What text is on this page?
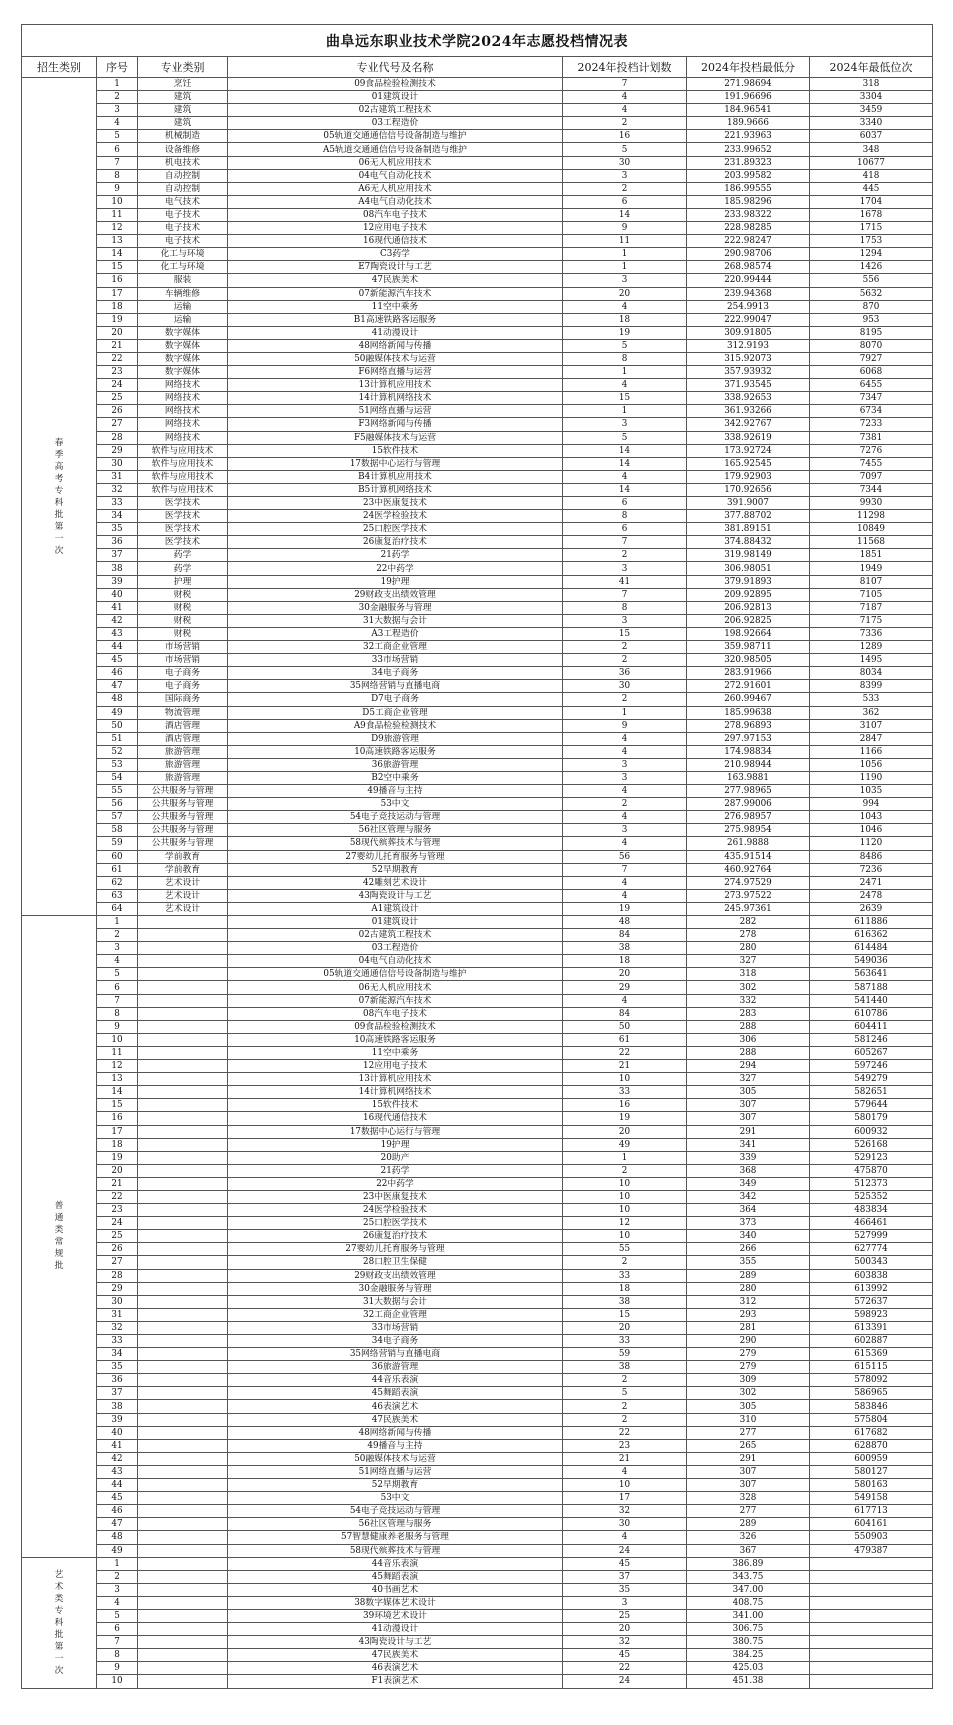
曲阜远东职业技术学院2024年志愿投档情况表						
招生类别	序号	专业类别	专业代号及名称	2024年投档计划数	2024年投档最低分	2024年最低位次
春季高考专科批第一次	1	烹饪	09食品检验检测技术	7	271.98694	318
	2	建筑	01建筑设计	4	191.96696	3304
	3	建筑	02古建筑工程技术	4	184.96541	3459
	4	建筑	03工程造价	2	189.9666	3340
	5	机械制造	05轨道交通通信信号设备制造与维护	16	221.93963	6037
	6	设备维修	A5轨道交通通信信号设备制造与维护	5	233.99652	348
	7	机电技术	06无人机应用技术	30	231.89323	10677
	8	自动控制	04电气自动化技术	3	203.99582	418
	9	自动控制	A6无人机应用技术	2	186.99555	445
	10	电气技术	A4电气自动化技术	6	185.98296	1704
	11	电子技术	08汽车电子技术	14	233.98322	1678
	12	电子技术	12应用电子技术	9	228.98285	1715
	13	电子技术	16现代通信技术	11	222.98247	1753
	14	化工与环境	C3药学	1	290.98706	1294
	15	化工与环境	E7陶瓷设计与工艺	1	268.98574	1426
	16	服装	47民族美术	3	220.99444	556
	17	车辆维修	07新能源汽车技术	20	239.94368	5632
	18	运输	11空中乘务	4	254.9913	870
	19	运输	B1高速铁路客运服务	18	222.99047	953
	20	数字媒体	41动漫设计	19	309.91805	8195
	21	数字媒体	48网络新闻与传播	5	312.9193	8070
	22	数字媒体	50融媒体技术与运营	8	315.92073	7927
	23	数字媒体	F6网络直播与运营	1	357.93932	6068
	24	网络技术	13计算机应用技术	4	371.93545	6455
	25	网络技术	14计算机网络技术	15	338.92653	7347
	26	网络技术	51网络直播与运营	1	361.93266	6734
	27	网络技术	F3网络新闻与传播	3	342.92767	7233
	28	网络技术	F5融媒体技术与运营	5	338.92619	7381
	29	软件与应用技术	15软件技术	14	173.92724	7276
	30	软件与应用技术	17数据中心运行与管理	14	165.92545	7455
	31	软件与应用技术	B4计算机应用技术	4	179.92903	7097
	32	软件与应用技术	B5计算机网络技术	14	170.92656	7344
	33	医学技术	23中医康复技术	6	391.9007	9930
	34	医学技术	24医学检验技术	8	377.88702	11298
	35	医学技术	25口腔医学技术	6	381.89151	10849
	36	医学技术	26康复治疗技术	7	374.88432	11568
	37	药学	21药学	2	319.98149	1851
	38	药学	22中药学	3	306.98051	1949
	39	护理	19护理	41	379.91893	8107
	40	财税	29财政支出绩效管理	7	209.92895	7105
	41	财税	30金融服务与管理	8	206.92813	7187
	42	财税	31大数据与会计	3	206.92825	7175
	43	财税	A3工程造价	15	198.92664	7336
	44	市场营销	32工商企业管理	2	359.98711	1289
	45	市场营销	33市场营销	2	320.98505	1495
	46	电子商务	34电子商务	36	283.91966	8034
	47	电子商务	35网络营销与直播电商	30	272.91601	8399
	48	国际商务	D7电子商务	2	260.99467	533
	49	物流管理	D5工商企业管理	1	185.99638	362
	50	酒店管理	A9食品检验检测技术	9	278.96893	3107
	51	酒店管理	D9旅游管理	4	297.97153	2847
	52	旅游管理	10高速铁路客运服务	4	174.98834	1166
	53	旅游管理	36旅游管理	3	210.98944	1056
	54	旅游管理	B2空中乘务	3	163.9881	1190
	55	公共服务与管理	49播音与主持	4	277.98965	1035
	56	公共服务与管理	53中文	2	287.99006	994
	57	公共服务与管理	54电子竞技运动与管理	4	276.98957	1043
	58	公共服务与管理	56社区管理与服务	3	275.98954	1046
	59	公共服务与管理	58现代殡葬技术与管理	4	261.9888	1120
	60	学前教育	27婴幼儿托育服务与管理	56	435.91514	8486
	61	学前教育	52早期教育	7	460.92764	7236
	62	艺术设计	42雕刻艺术设计	4	274.97529	2471
	63	艺术设计	43陶瓷设计与工艺	4	273.97522	2478
	64	艺术设计	A1建筑设计	19	245.97361	2639
普通类常规批	1		01建筑设计	48	282	611886
	2		02古建筑工程技术	84	278	616362
	3		03工程造价	38	280	614484
	4		04电气自动化技术	18	327	549036
	5		05轨道交通通信信号设备制造与维护	20	318	563641
	6		06无人机应用技术	29	302	587188
	7		07新能源汽车技术	4	332	541440
	8		08汽车电子技术	84	283	610786
	9		09食品检验检测技术	50	288	604411
	10		10高速铁路客运服务	61	306	581246
	11		11空中乘务	22	288	605267
	12		12应用电子技术	21	294	597246
	13		13计算机应用技术	10	327	549279
	14		14计算机网络技术	33	305	582651
	15		15软件技术	16	307	579644
	16		16现代通信技术	19	307	580179
	17		17数据中心运行与管理	20	291	600932
	18		19护理	49	341	526168
	19		20助产	1	339	529123
	20		21药学	2	368	475870
	21		22中药学	10	349	512373
	22		23中医康复技术	10	342	525352
	23		24医学检验技术	10	364	483834
	24		25口腔医学技术	12	373	466461
	25		26康复治疗技术	10	340	527999
	26		27婴幼儿托育服务与管理	55	266	627774
	27		28口腔卫生保健	2	355	500343
	28		29财政支出绩效管理	33	289	603838
	29		30金融服务与管理	18	280	613992
	30		31大数据与会计	38	312	572637
	31		32工商企业管理	15	293	598923
	32		33市场营销	20	281	613391
	33		34电子商务	33	290	602887
	34		35网络营销与直播电商	59	279	615369
	35		36旅游管理	38	279	615115
	36		44音乐表演	2	309	578092
	37		45舞蹈表演	5	302	586965
	38		46表演艺术	2	305	583846
	39		47民族美术	2	310	575804
	40		48网络新闻与传播	22	277	617682
	41		49播音与主持	23	265	628870
	42		50融媒体技术与运营	21	291	600959
	43		51网络直播与运营	4	307	580127
	44		52早期教育	10	307	580163
	45		53中文	17	328	549158
	46		54电子竞技运动与管理	32	277	617713
	47		56社区管理与服务	30	289	604161
	48		57智慧健康养老服务与管理	4	326	550903
	49		58现代殡葬技术与管理	24	367	479387
艺术类专科批第一次	1		44音乐表演	45	386.89	
	2		45舞蹈表演	37	343.75	
	3		40书画艺术	35	347.00	
	4		38数字媒体艺术设计	3	408.75	
	5		39环境艺术设计	25	341.00	
	6		41动漫设计	20	306.75	
	7		43陶瓷设计与工艺	32	380.75	
	8		47民族美术	45	384.25	
	9		46表演艺术	22	425.03	
	10		F1表演艺术	24	451.38	
